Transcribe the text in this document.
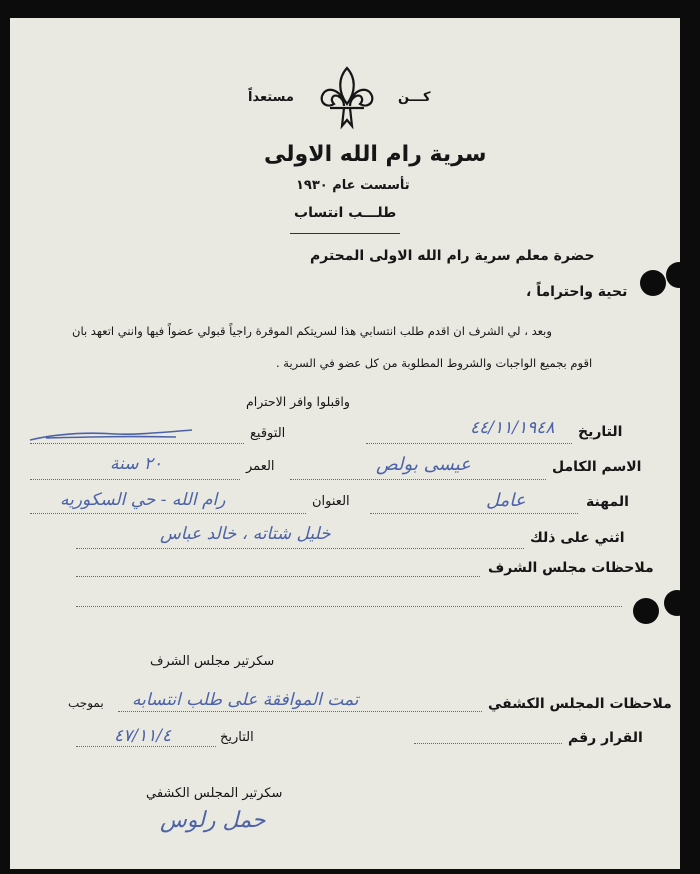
مستعداً	كـــن
سرية رام الله الاولى
تأسست عام ١٩٣٠
طلـــب انتساب
حضرة معلم سرية رام الله الاولى المحترم
تحية واحتراماً ،
وبعد ، لي الشرف ان اقدم طلب انتسابي هذا لسريتكم الموقرة راجياً قبولي عضواً فيها وانني اتعهد بان
اقوم بجميع الواجبات والشروط المطلوبة من كل عضو في السرية .
واقبلوا وافر الاحترام
التاريخ
٤٤/١١/١٩٤٨
التوقيع
الاسم الكامل
عيسى بولص
العمر
٢٠ سنة
المهنة
عامل
العنوان
رام الله - حي السكوريه
اثني على ذلك
خليل شتاته ، خالد عباس
ملاحظات مجلس الشرف
سكرتير مجلس الشرف
ملاحظات المجلس الكشفي
تمت الموافقة على طلب انتسابه
بموجب
القرار رقم
التاريخ
٤٧/١١/٤
سكرتير المجلس الكشفي
حمل رلوس
